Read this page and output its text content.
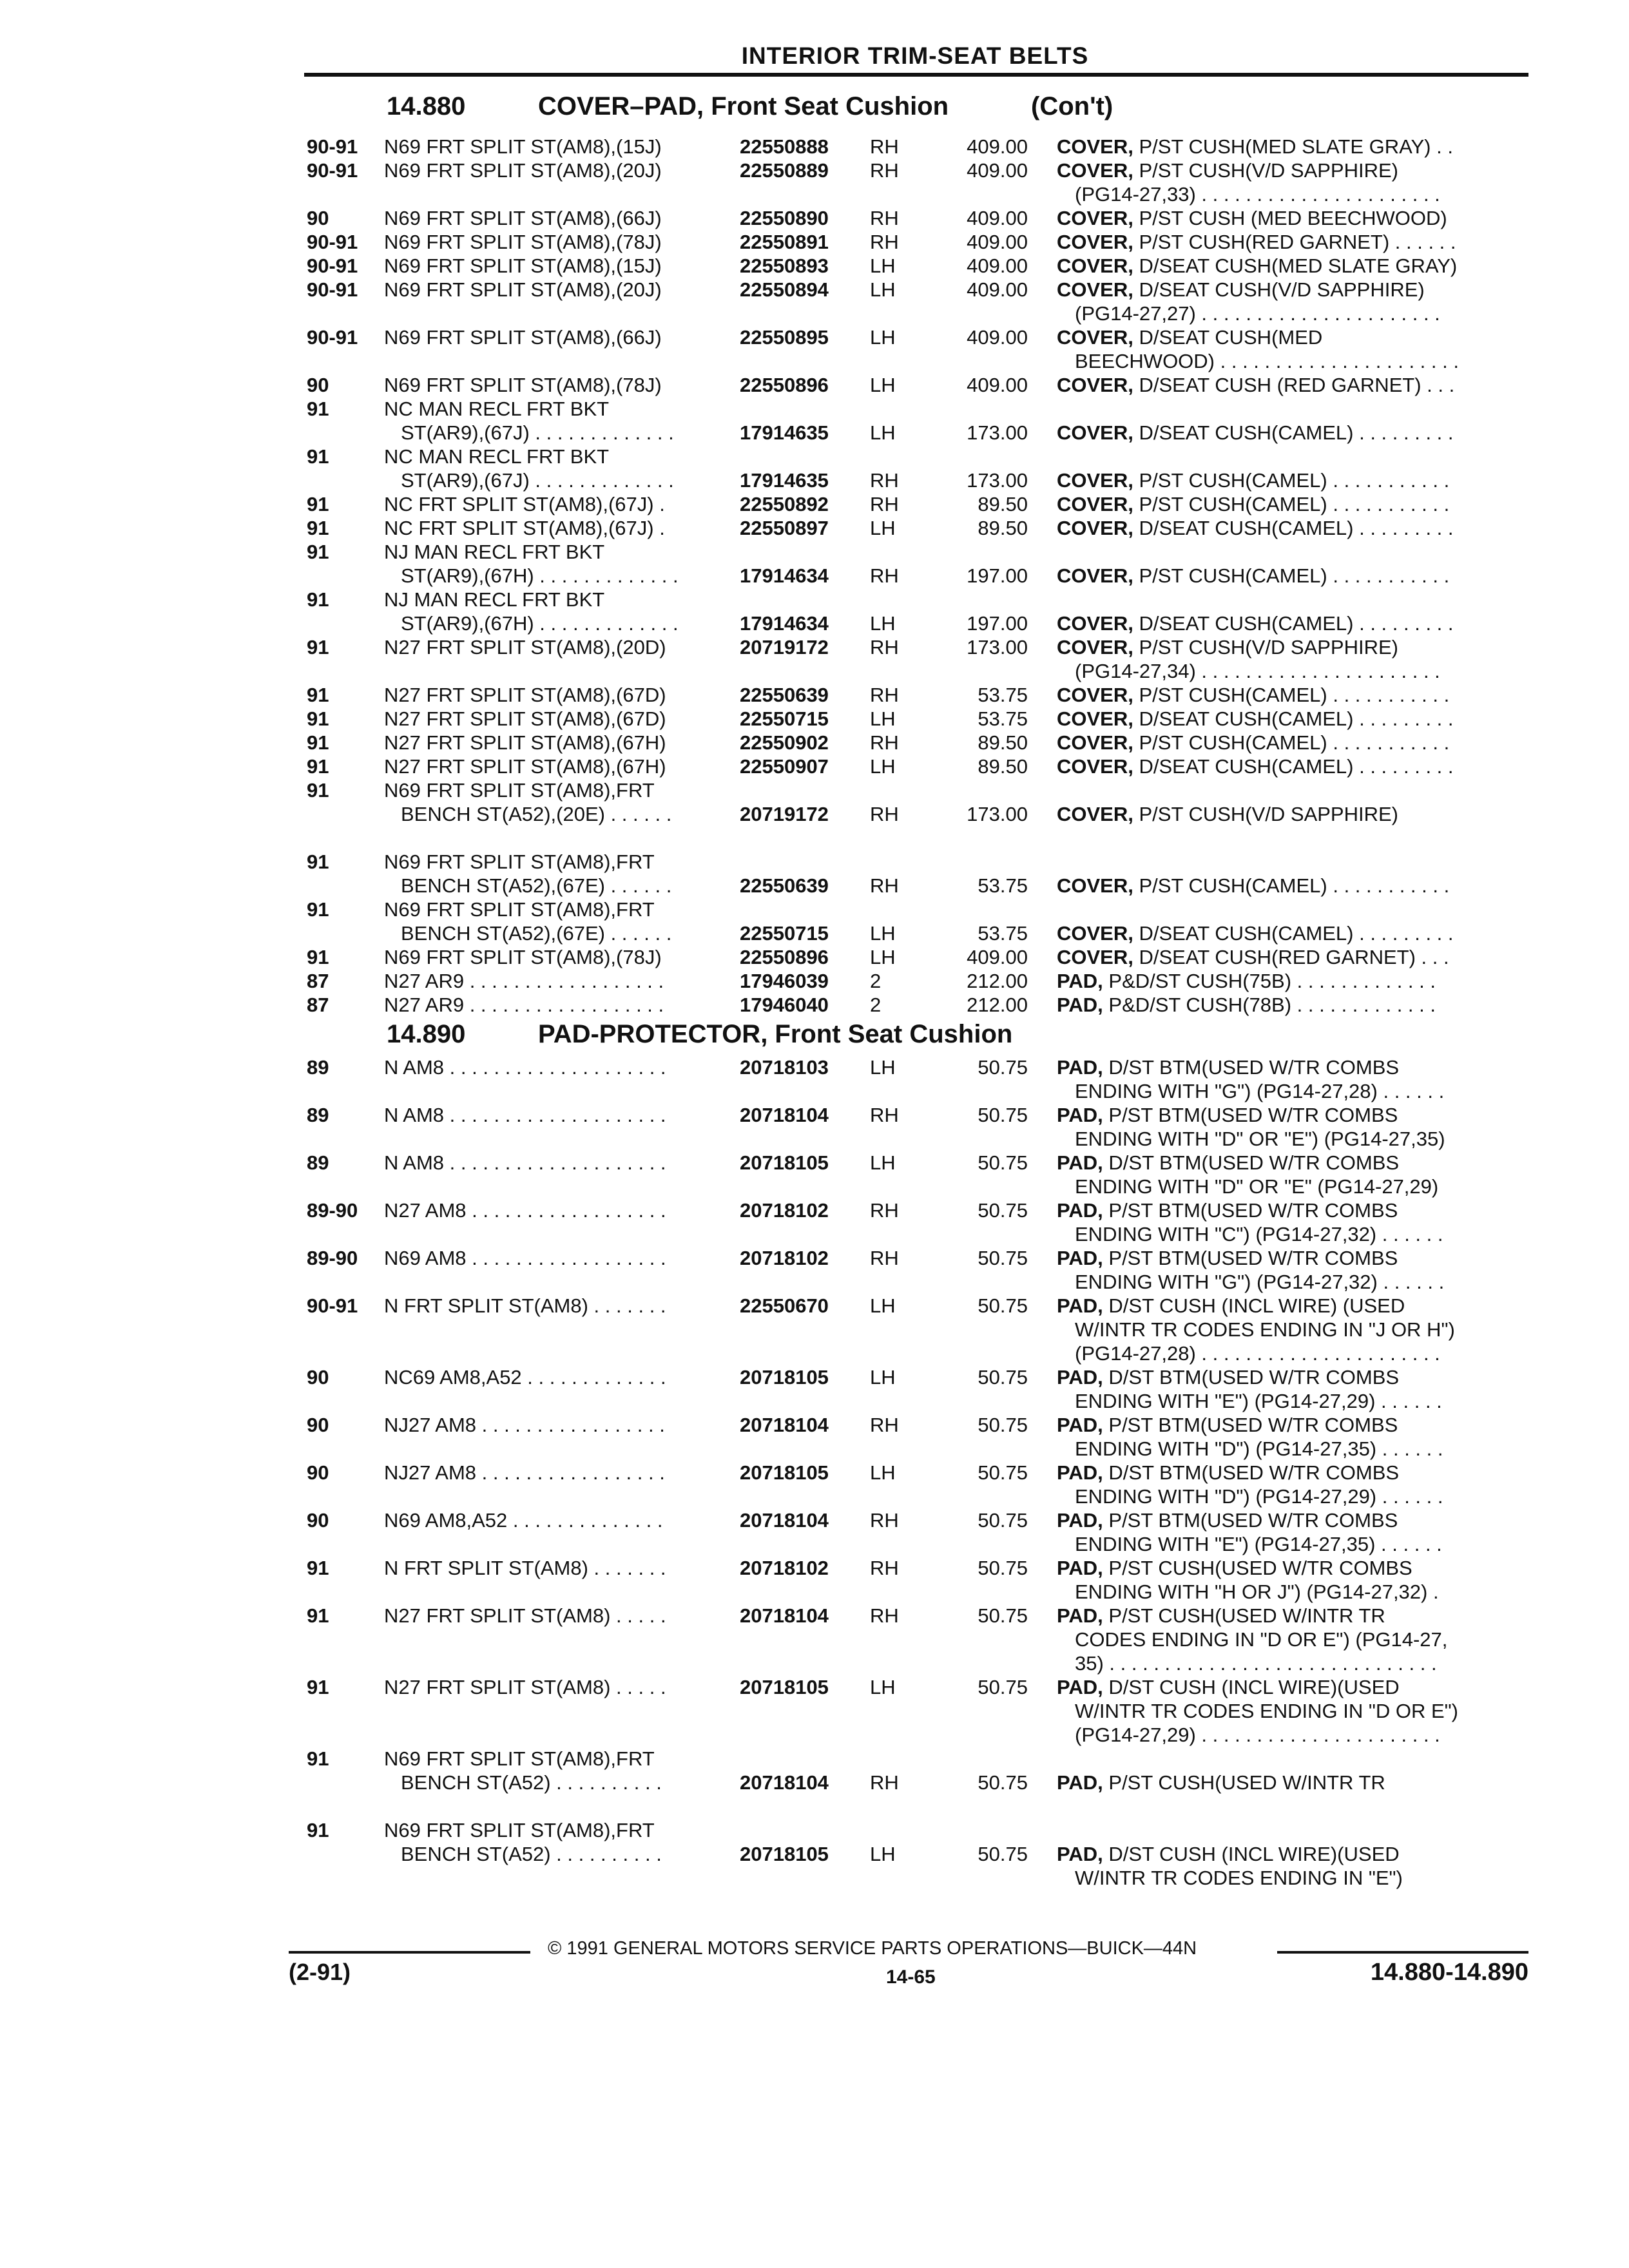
INTERIOR TRIM-SEAT BELTS
14.880	COVER–PAD, Front Seat Cushion	(Con't)
90-91 N69 FRT SPLIT ST(AM8),(15J)	22550888 RH	409.00 COVER, P/ST CUSH(MED SLATE GRAY) . .
90-91 N69 FRT SPLIT ST(AM8),(20J)	22550889 RH	409.00 COVER, P/ST CUSH(V/D SAPPHIRE)
(PG14-27,33) . . . . . . . . . . . . . . . . . . . . . .
90	N69 FRT SPLIT ST(AM8),(66J)	22550890 RH	409.00 COVER, P/ST CUSH (MED BEECHWOOD)
90-91 N69 FRT SPLIT ST(AM8),(78J)	22550891 RH	409.00 COVER, P/ST CUSH(RED GARNET) . . . . . .
90-91 N69 FRT SPLIT ST(AM8),(15J)	22550893 LH	409.00 COVER, D/SEAT CUSH(MED SLATE GRAY)
90-91 N69 FRT SPLIT ST(AM8),(20J)	22550894 LH	409.00 COVER, D/SEAT CUSH(V/D SAPPHIRE)
(PG14-27,27) . . . . . . . . . . . . . . . . . . . . . .
90-91 N69 FRT SPLIT ST(AM8),(66J)	22550895 LH	409.00 COVER, D/SEAT CUSH(MED
BEECHWOOD) . . . . . . . . . . . . . . . . . . . . . .
90	N69 FRT SPLIT ST(AM8),(78J)	22550896 LH	409.00 COVER, D/SEAT CUSH (RED GARNET) . . .
91	NC MAN RECL FRT BKT
ST(AR9),(67J) . . . . . . . . . . . . .	17914635 LH	173.00 COVER, D/SEAT CUSH(CAMEL) . . . . . . . . .
91	NC MAN RECL FRT BKT
ST(AR9),(67J) . . . . . . . . . . . . .	17914635 RH	173.00 COVER, P/ST CUSH(CAMEL) . . . . . . . . . . .
91	NC FRT SPLIT ST(AM8),(67J) .	22550892 RH	89.50 COVER, P/ST CUSH(CAMEL) . . . . . . . . . . .
91	NC FRT SPLIT ST(AM8),(67J) .	22550897 LH	89.50 COVER, D/SEAT CUSH(CAMEL) . . . . . . . . .
91	NJ MAN RECL FRT BKT
ST(AR9),(67H) . . . . . . . . . . . . .	17914634 RH	197.00 COVER, P/ST CUSH(CAMEL) . . . . . . . . . . .
91	NJ MAN RECL FRT BKT
ST(AR9),(67H) . . . . . . . . . . . . .	17914634 LH	197.00 COVER, D/SEAT CUSH(CAMEL) . . . . . . . . .
91	N27 FRT SPLIT ST(AM8),(20D)	20719172 RH	173.00 COVER, P/ST CUSH(V/D SAPPHIRE)
(PG14-27,34) . . . . . . . . . . . . . . . . . . . . . .
91	N27 FRT SPLIT ST(AM8),(67D)	22550639 RH	53.75 COVER, P/ST CUSH(CAMEL) . . . . . . . . . . .
91	N27 FRT SPLIT ST(AM8),(67D)	22550715 LH	53.75 COVER, D/SEAT CUSH(CAMEL) . . . . . . . . .
91	N27 FRT SPLIT ST(AM8),(67H)	22550902 RH	89.50 COVER, P/ST CUSH(CAMEL) . . . . . . . . . . .
91	N27 FRT SPLIT ST(AM8),(67H)	22550907 LH	89.50 COVER, D/SEAT CUSH(CAMEL) . . . . . . . . .
91	N69 FRT SPLIT ST(AM8),FRT
BENCH ST(A52),(20E) . . . . . .	20719172 RH	173.00 COVER, P/ST CUSH(V/D SAPPHIRE)
91	N69 FRT SPLIT ST(AM8),FRT
BENCH ST(A52),(67E) . . . . . .	22550639 RH	53.75 COVER, P/ST CUSH(CAMEL) . . . . . . . . . . .
91	N69 FRT SPLIT ST(AM8),FRT
BENCH ST(A52),(67E) . . . . . .	22550715 LH	53.75 COVER, D/SEAT CUSH(CAMEL) . . . . . . . . .
91	N69 FRT SPLIT ST(AM8),(78J)	22550896 LH	409.00 COVER, D/SEAT CUSH(RED GARNET) . . .
87	N27 AR9 . . . . . . . . . . . . . . . . . .	17946039 2	212.00 PAD, P&D/ST CUSH(75B) . . . . . . . . . . . . .
87	N27 AR9 . . . . . . . . . . . . . . . . . .	17946040 2	212.00 PAD, P&D/ST CUSH(78B) . . . . . . . . . . . . .
14.890	PAD-PROTECTOR, Front Seat Cushion
89	N AM8 . . . . . . . . . . . . . . . . . . . .	20718103 LH	50.75 PAD, D/ST BTM(USED W/TR COMBS
ENDING WITH "G") (PG14-27,28) . . . . . .
89	N AM8 . . . . . . . . . . . . . . . . . . . .	20718104 RH	50.75 PAD, P/ST BTM(USED W/TR COMBS
ENDING WITH "D" OR "E") (PG14-27,35)
89	N AM8 . . . . . . . . . . . . . . . . . . . .	20718105 LH	50.75 PAD, D/ST BTM(USED W/TR COMBS
ENDING WITH "D" OR "E" (PG14-27,29)
89-90 N27 AM8 . . . . . . . . . . . . . . . . . .	20718102 RH	50.75 PAD, P/ST BTM(USED W/TR COMBS
ENDING WITH "C") (PG14-27,32) . . . . . .
89-90 N69 AM8 . . . . . . . . . . . . . . . . . .	20718102 RH	50.75 PAD, P/ST BTM(USED W/TR COMBS
ENDING WITH "G") (PG14-27,32) . . . . . .
90-91 N FRT SPLIT ST(AM8) . . . . . . .	22550670 LH	50.75 PAD, D/ST CUSH (INCL WIRE) (USED
W/INTR TR CODES ENDING IN "J OR H")
(PG14-27,28) . . . . . . . . . . . . . . . . . . . . . .
90	NC69 AM8,A52 . . . . . . . . . . . . .	20718105 LH	50.75 PAD, D/ST BTM(USED W/TR COMBS
ENDING WITH "E") (PG14-27,29) . . . . . .
90	NJ27 AM8 . . . . . . . . . . . . . . . . .	20718104 RH	50.75 PAD, P/ST BTM(USED W/TR COMBS
ENDING WITH "D") (PG14-27,35) . . . . . .
90	NJ27 AM8 . . . . . . . . . . . . . . . . .	20718105 LH	50.75 PAD, D/ST BTM(USED W/TR COMBS
ENDING WITH "D") (PG14-27,29) . . . . . .
90	N69 AM8,A52 . . . . . . . . . . . . . .	20718104 RH	50.75 PAD, P/ST BTM(USED W/TR COMBS
ENDING WITH "E") (PG14-27,35) . . . . . .
91	N FRT SPLIT ST(AM8) . . . . . . .	20718102 RH	50.75 PAD, P/ST CUSH(USED W/TR COMBS
ENDING WITH "H OR J") (PG14-27,32) .
91	N27 FRT SPLIT ST(AM8) . . . . .	20718104 RH	50.75 PAD, P/ST CUSH(USED W/INTR TR
CODES ENDING IN "D OR E") (PG14-27,
35) . . . . . . . . . . . . . . . . . . . . . . . . . . . . . .
91	N27 FRT SPLIT ST(AM8) . . . . .	20718105 LH	50.75 PAD, D/ST CUSH (INCL WIRE)(USED
W/INTR TR CODES ENDING IN "D OR E")
(PG14-27,29) . . . . . . . . . . . . . . . . . . . . . .
91	N69 FRT SPLIT ST(AM8),FRT
BENCH ST(A52) . . . . . . . . . .	20718104 RH	50.75 PAD, P/ST CUSH(USED W/INTR TR
91	N69 FRT SPLIT ST(AM8),FRT
BENCH ST(A52) . . . . . . . . . .	20718105 LH	50.75 PAD, D/ST CUSH (INCL WIRE)(USED
W/INTR TR CODES ENDING IN "E")
© 1991 GENERAL MOTORS SERVICE PARTS OPERATIONS—BUICK—44N
(2-91)	14-65	14.880-14.890
